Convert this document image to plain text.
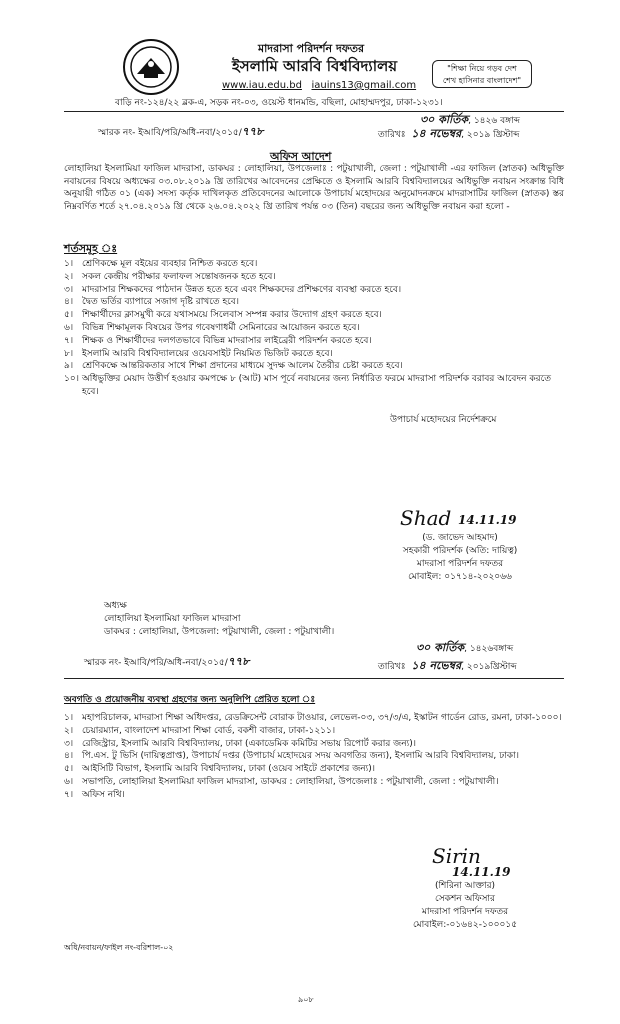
মাদরাসা পরিদর্শন দফতর
ইসলামি আরবি বিশ্ববিদ্যালয়
www.iau.edu.bd iauins13@gmail.com
"শিক্ষা নিয়ে গড়ব দেশ
শেখ হাসিনার বাংলাদেশ"
বাড়ি নং-১২৪/২২ ব্লক-এ, সড়ক নং-০৩, ওয়েস্ট ধানমন্ডি, বছিলা, মোহাম্মদপুর, ঢাকা-১২৩১।
স্মারক নং- ইআবি/পরি/অধি-নবা/২০১৫/৭৭৮
৩০ কার্তিক, ১৪২৬ বঙ্গাব্দ
তারিখঃ ১৪ নভেম্বর, ২০১৯ খ্রিস্টাব্দ
অফিস আদেশ
লোহালিয়া ইসলামিয়া ফাজিল মাদরাসা, ডাকঘর : লোহালিয়া, উপজেলাঃ : পটুয়াখালী, জেলা : পটুয়াখালী -এর ফাজিল (স্নাতক) অধিভুক্তি নবায়নের বিষয়ে অধ্যক্ষের ০৩.০৮.২০১৯ খ্রি তারিখের আবেদনের প্রেক্ষিতে ও ইসলামি আরবি বিশ্ববিদ্যালয়ের অধিভুক্তি নবায়ন সংক্রান্ত বিধি অনুযায়ী গঠিত ০১ (এক) সদস্য কর্তৃক দাখিলকৃত প্রতিবেদনের আলোকে উপাচার্য মহোদয়ের অনুমোদনক্রমে মাদরাসাটির ফাজিল (স্নাতক) স্তর নিম্নবর্ণিত শর্তে ২৭.০৪.২০১৯ খ্রি থেকে ২৬.০৪.২০২২ খ্রি তারিখ পর্যন্ত ০৩ (তিন) বছরের জন্য অধিভুক্তি নবায়ন করা হলো -
শর্তসমূহ ঃ
১। শ্রেণিকক্ষে মূল বইয়ের ব্যবহার নিশ্চিত করতে হবে।
২। সকল কেন্দ্রীয় পরীক্ষার ফলাফল সন্তোষজনক হতে হবে।
৩। মাদরাসার শিক্ষকদের পাঠদান উন্নত হতে হবে এবং শিক্ষকদের প্রশিক্ষণের ব্যবস্থা করতে হবে।
৪। দ্বৈত ভর্তির ব্যাপারে সজাগ দৃষ্টি রাখতে হবে।
৫। শিক্ষার্থীদের ক্লাসমুখী করে যথাসময়ে সিলেবাস সম্পন্ন করার উদ্যোগ গ্রহণ করতে হবে।
৬। বিভিন্ন শিক্ষামূলক বিষয়ের উপর গবেষণাধর্মী সেমিনারের আয়োজন করতে হবে।
৭। শিক্ষক ও শিক্ষার্থীদের দলগতভাবে বিভিন্ন মাদরাসার লাইব্রেরী পরিদর্শন করতে হবে।
৮। ইসলামি আরবি বিশ্ববিদ্যালয়ের ওয়েবসাইট নিয়মিত ভিজিট করতে হবে।
৯। শ্রেণিকক্ষে আন্তরিকতার সাথে শিক্ষা প্রদানের মাধ্যমে সুদক্ষ আলেম তৈরীর চেষ্টা করতে হবে।
১০। অধিভুক্তির মেয়াদ উত্তীর্ণ হওয়ার কমপক্ষে ৮ (আট) মাস পূর্বে নবায়নের জন্য নির্ধারিত ফরমে মাদরাসা পরিদর্শক বরাবর আবেদন করতে হবে।
উপাচার্য মহোদয়ের নির্দেশক্রমে
Shad 14.11.19
(ড. জাভেদ আহমাদ)
সহকারী পরিদর্শক (অতি: দায়িত্ব)
মাদরাসা পরিদর্শন দফতর
মোবাইল: ০১৭১৪-২০২০৬৬
অধ্যক্ষ
লোহালিয়া ইসলামিয়া ফাজিল মাদরাসা
ডাকঘর : লোহালিয়া, উপজেলা: পটুয়াখালী, জেলা : পটুয়াখালী।
স্মারক নং- ইআবি/পরি/অধি-নবা/২০১৫/৭৭৮
৩০ কার্তিক, ১৪২৬বঙ্গাব্দ
তারিখঃ ১৪ নভেম্বর, ২০১৯খ্রিস্টাব্দ
অবগতি ও প্রয়োজনীয় ব্যবস্থা গ্রহণের জন্য অনুলিপি প্রেরিত হলো ঃ
১। মহাপরিচালক, মাদরাসা শিক্ষা অধিদপ্তর, রেডক্রিসেন্ট বোরাক টাওয়ার, লেভেল-০৩, ৩৭/৩/এ, ইস্কাটন গার্ডেন রোড, রমনা, ঢাকা-১০০০।
২। চেয়ারম্যান, বাংলাদেশ মাদরাসা শিক্ষা বোর্ড, বকশী বাজার, ঢাকা-১২১১।
৩। রেজিস্ট্রার, ইসলামি আরবি বিশ্ববিদ্যালয়, ঢাকা (একাডেমিক কমিটির সভায় রিপোর্ট করার জন্য)।
৪। পি.এস. টু ভিসি (দায়িত্বপ্রাপ্ত), উপাচার্য দপ্তর (উপাচার্য মহোদয়ের সদয় অবগতির জন্য), ইসলামি আরবি বিশ্ববিদ্যালয়, ঢাকা।
৫। আইসিটি বিভাগ, ইসলামি আরবি বিশ্ববিদ্যালয়, ঢাকা (ওয়েব সাইটে প্রকাশের জন্য)।
৬। সভাপতি, লোহালিয়া ইসলামিয়া ফাজিল মাদরাসা, ডাকঘর : লোহালিয়া, উপজেলাঃ : পটুয়াখালী, জেলা : পটুয়াখালী।
৭। অফিস নথি।
Sirin
14.11.19
(শিরিনা আক্তার)
সেকশন অফিসার
মাদরাসা পরিদর্শন দফতর
মোবাইল:-০১৬৪২-১০০০১৫
অধি/নবায়ন/ফাইল নং-বরিশাল-০২
৯০৮
